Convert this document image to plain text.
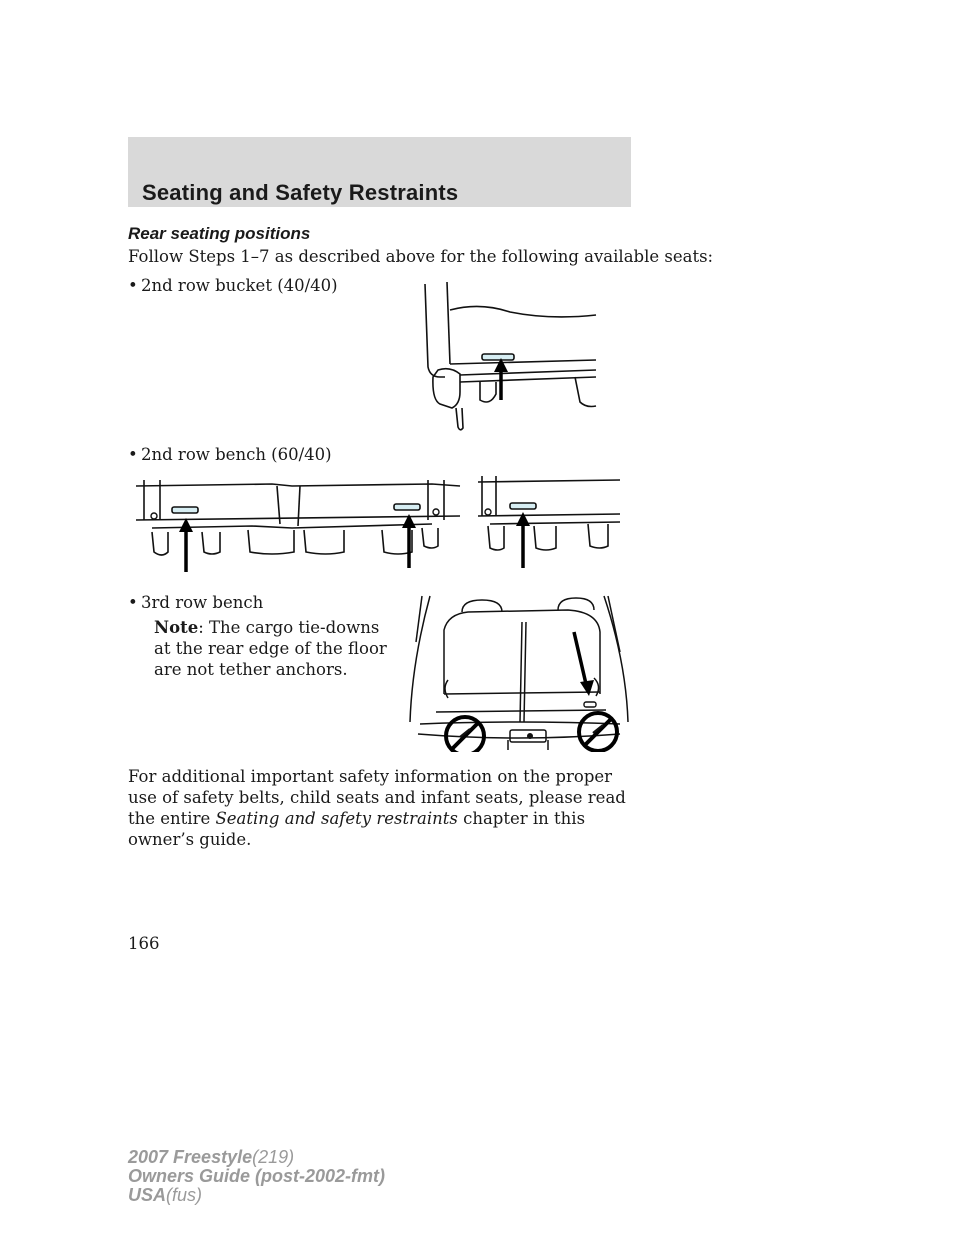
Seating and Safety Restraints
Rear seating positions
Follow Steps 1–7 as described above for the following available seats:
• 2nd row bucket (40/40)
• 2nd row bench (60/40)
• 3rd row bench
Note: The cargo tie-downs at the rear edge of the floor are not tether anchors.
For additional important safety information on the proper use of safety belts, child seats and infant seats, please read the entire Seating and safety restraints chapter in this owner’s guide.
166
2007 Freestyle(219)
Owners Guide (post-2002-fmt)
USA(fus)
